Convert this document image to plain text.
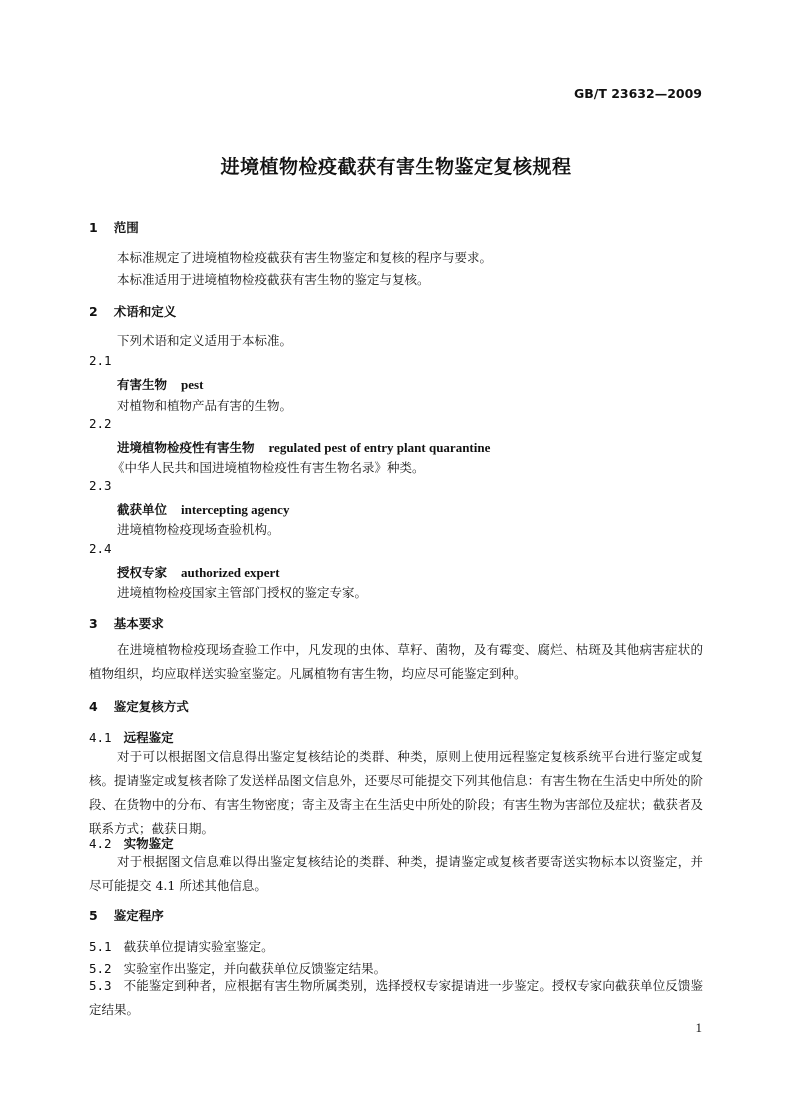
GB/T 23632—2009
进境植物检疫截获有害生物鉴定复核规程
1 范围
本标准规定了进境植物检疫截获有害生物鉴定和复核的程序与要求。
本标准适用于进境植物检疫截获有害生物的鉴定与复核。
2 术语和定义
下列术语和定义适用于本标准。
2.1
有害生物 pest
对植物和植物产品有害的生物。
2.2
进境植物检疫性有害生物 regulated pest of entry plant quarantine
《中华人民共和国进境植物检疫性有害生物名录》种类。
2.3
截获单位 intercepting agency
进境植物检疫现场查验机构。
2.4
授权专家 authorized expert
进境植物检疫国家主管部门授权的鉴定专家。
3 基本要求
在进境植物检疫现场查验工作中，凡发现的虫体、草籽、菌物，及有霉变、腐烂、枯斑及其他病害症状的植物组织，均应取样送实验室鉴定。凡属植物有害生物，均应尽可能鉴定到种。
4 鉴定复核方式
4.1 远程鉴定
对于可以根据图文信息得出鉴定复核结论的类群、种类，原则上使用远程鉴定复核系统平台进行鉴定或复核。提请鉴定或复核者除了发送样品图文信息外，还要尽可能提交下列其他信息：有害生物在生活史中所处的阶段、在货物中的分布、有害生物密度；寄主及寄主在生活史中所处的阶段；有害生物为害部位及症状；截获者及联系方式；截获日期。
4.2 实物鉴定
对于根据图文信息难以得出鉴定复核结论的类群、种类，提请鉴定或复核者要寄送实物标本以资鉴定，并尽可能提交 4.1 所述其他信息。
5 鉴定程序
5.1 截获单位提请实验室鉴定。
5.2 实验室作出鉴定，并向截获单位反馈鉴定结果。
5.3 不能鉴定到种者，应根据有害生物所属类别，选择授权专家提请进一步鉴定。授权专家向截获单位反馈鉴定结果。
1
